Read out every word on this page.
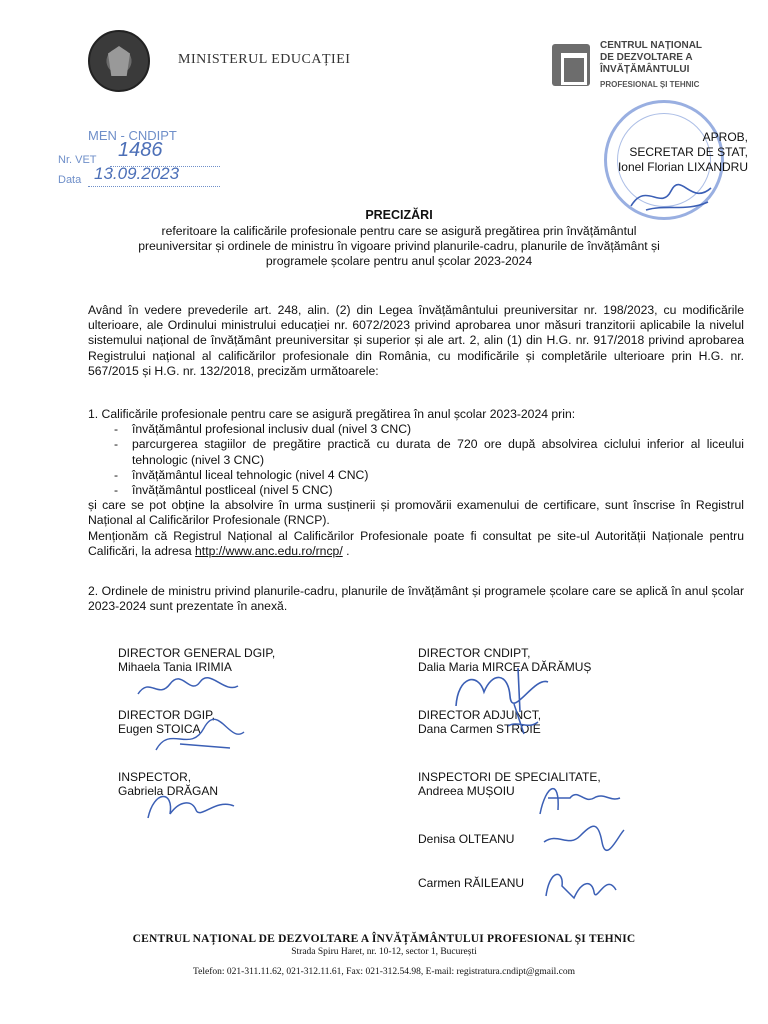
MINISTERUL EDUCAȚIEI
CENTRUL NAȚIONAL
DE DEZVOLTARE A
ÎNVĂȚĂMÂNTULUI
PROFESIONAL ȘI TEHNIC
MEN - CNDIPT
Nr. VET 1486
Data 13.09.2023
APROB,
SECRETAR DE STAT,
Ionel Florian LIXANDRU
PRECIZĂRI
referitoare la calificările profesionale pentru care se asigură pregătirea prin învățământul
preuniversitar și ordinele de ministru în vigoare privind planurile-cadru, planurile de învățământ și
programele școlare pentru anul școlar 2023-2024
Având în vedere prevederile art. 248, alin. (2) din Legea învățământului preuniversitar nr. 198/2023, cu modificările ulterioare, ale Ordinului ministrului educației nr. 6072/2023 privind aprobarea unor măsuri tranzitorii aplicabile la nivelul sistemului național de învățământ preuniversitar și superior și ale art. 2, alin (1) din H.G. nr. 917/2018 privind aprobarea Registrului național al calificărilor profesionale din România, cu modificările și completările ulterioare prin H.G. nr. 567/2015 și H.G. nr. 132/2018, precizăm următoarele:
1. Calificările profesionale pentru care se asigură pregătirea în anul școlar 2023-2024 prin:
- învățământul profesional inclusiv dual (nivel 3 CNC)
- parcurgerea stagiilor de pregătire practică cu durata de 720 ore după absolvirea ciclului inferior al liceului tehnologic (nivel 3 CNC)
- învățământul liceal tehnologic (nivel 4 CNC)
- învățământul postliceal (nivel 5 CNC)
și care se pot obține la absolvire în urma susținerii și promovării examenului de certificare, sunt înscrise în Registrul Național al Calificărilor Profesionale (RNCP).
Menționăm că Registrul Național al Calificărilor Profesionale poate fi consultat pe site-ul Autorității Naționale pentru Calificări, la adresa http://www.anc.edu.ro/rncp/ .
2. Ordinele de ministru privind planurile-cadru, planurile de învățământ și programele școlare care se aplică în anul școlar 2023-2024 sunt prezentate în anexă.
DIRECTOR GENERAL DGIP,
Mihaela Tania IRIMIA
DIRECTOR DGIP,
Eugen STOICA
INSPECTOR,
Gabriela DRĂGAN
DIRECTOR CNDIPT,
Dalia Maria MIRCEA DĂRĂMUȘ
DIRECTOR ADJUNCT,
Dana Carmen STROIE
INSPECTORI DE SPECIALITATE,
Andreea MUȘOIU
Denisa OLTEANU
Carmen RĂILEANU
CENTRUL NAȚIONAL DE DEZVOLTARE A ÎNVĂȚĂMÂNTULUI PROFESIONAL ȘI TEHNIC
Strada Spiru Haret, nr. 10-12, sector 1, București
Telefon: 021-311.11.62, 021-312.11.61, Fax: 021-312.54.98, E-mail: registratura.cndipt@gmail.com
